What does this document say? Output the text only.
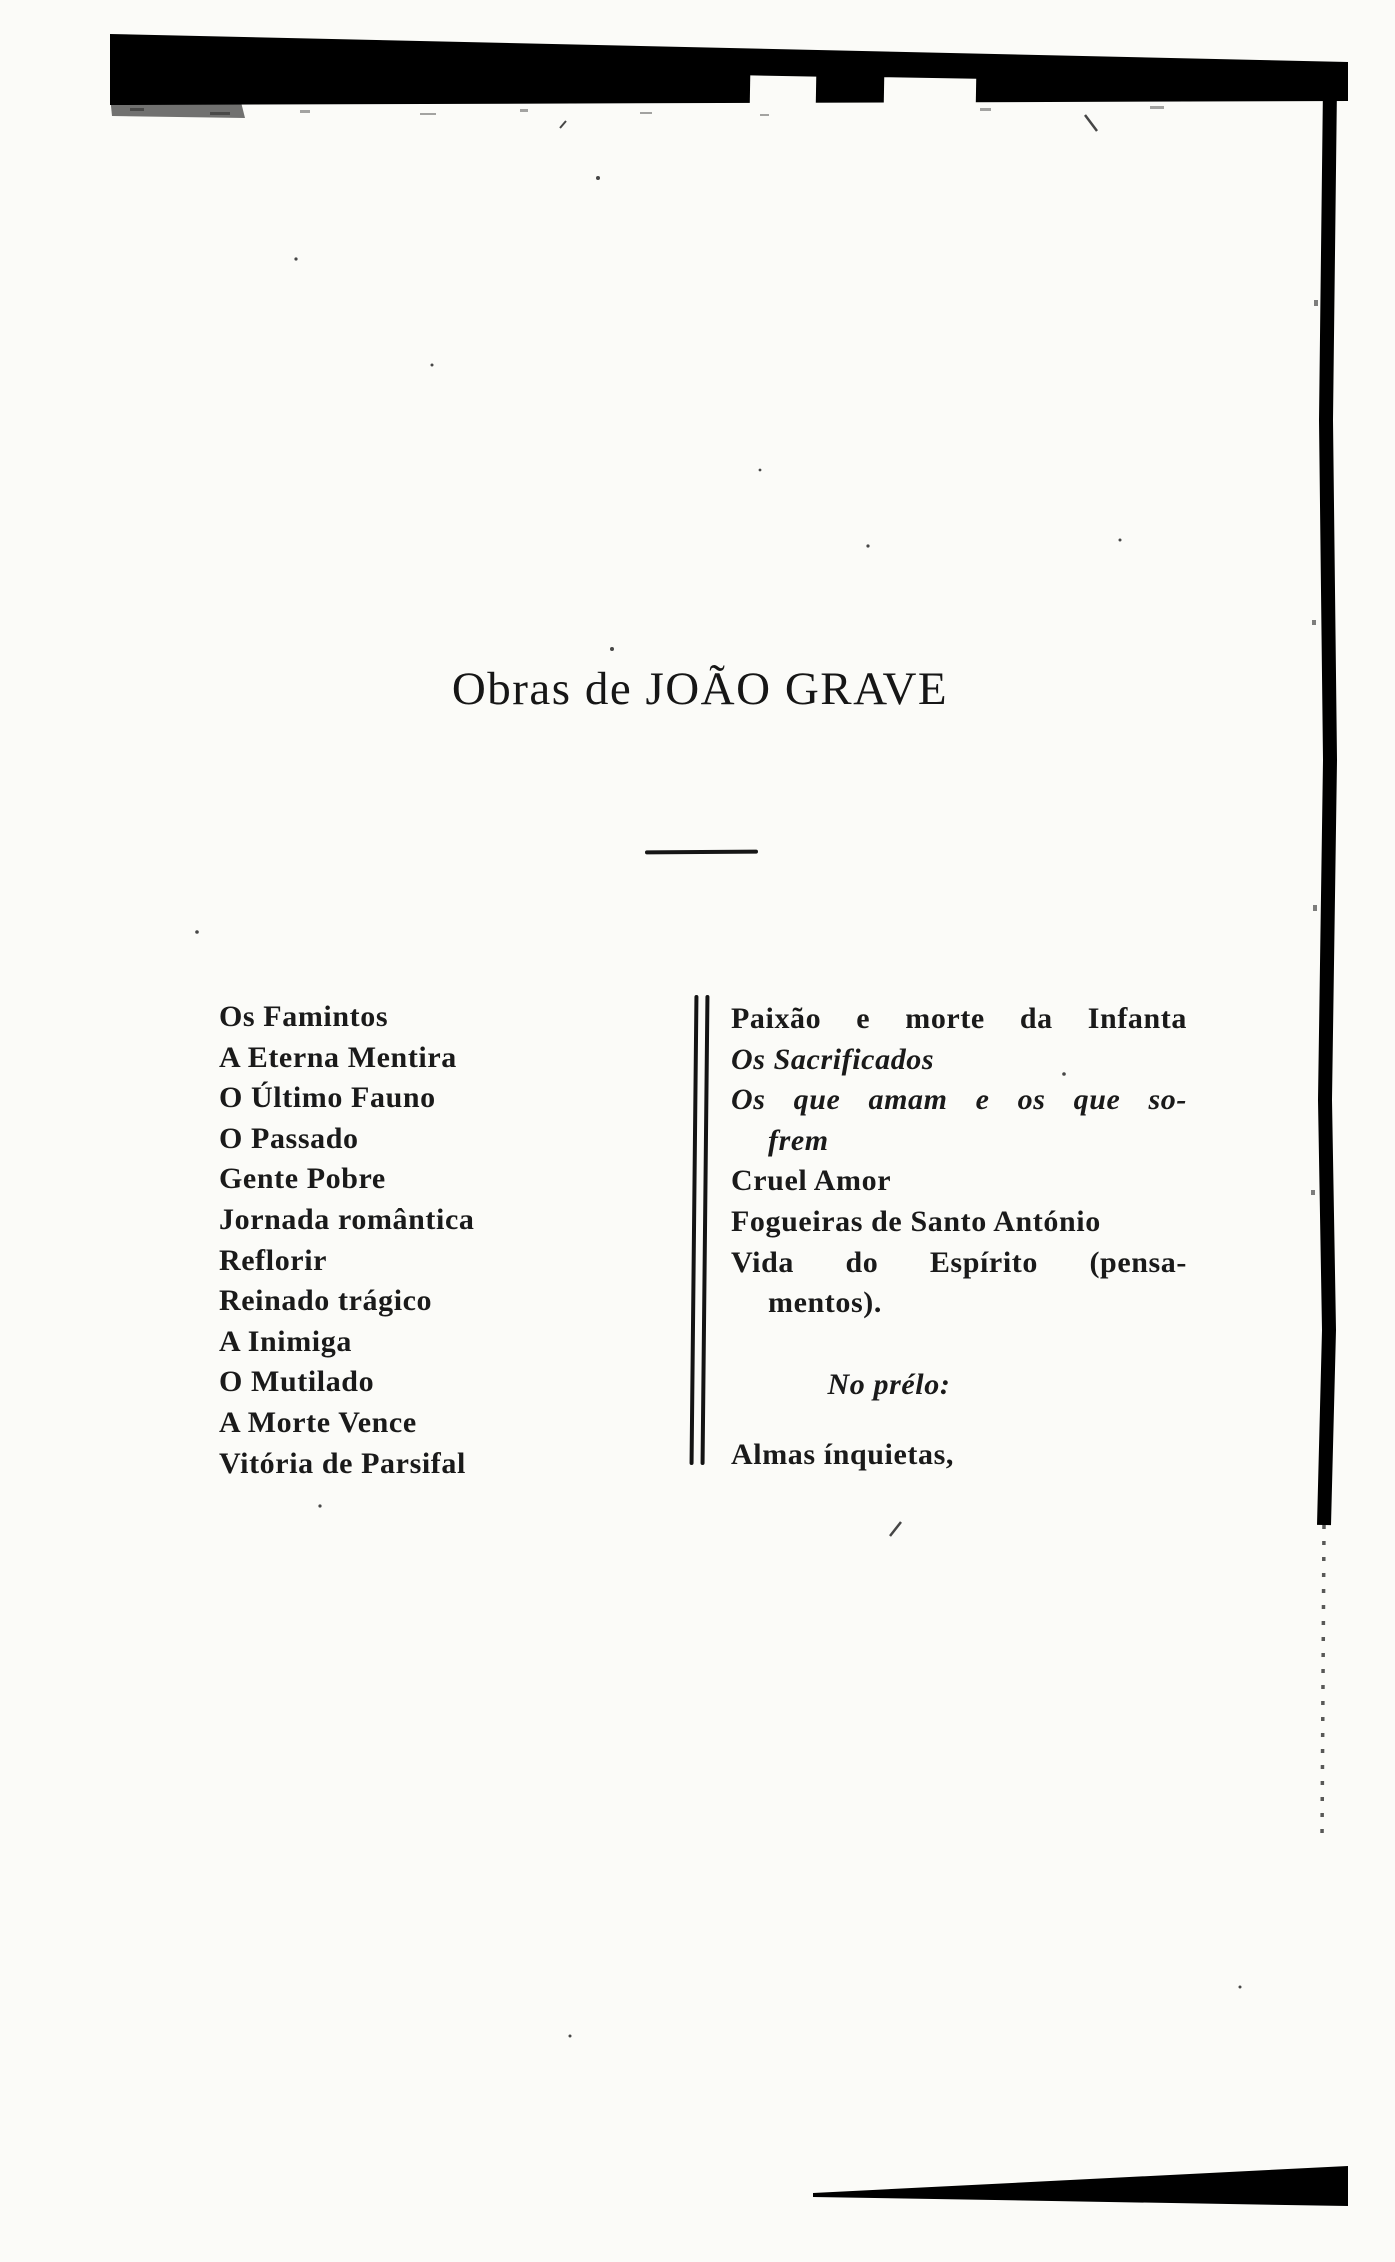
Obras de JOÃO GRAVE
Os Famintos
A Eterna Mentira
O Último Fauno
O Passado
Gente Pobre
Jornada romântica
Reflorir
Reinado trágico
A Inimiga
O Mutilado
A Morte Vence
Vitória de Parsifal
Paixão e morte da Infanta
Os Sacrificados
Os que amam e os que so-
frem
Cruel Amor
Fogueiras de Santo António
Vida do Espírito (pensa-
mentos).
No prélo:
Almas ínquietas,
